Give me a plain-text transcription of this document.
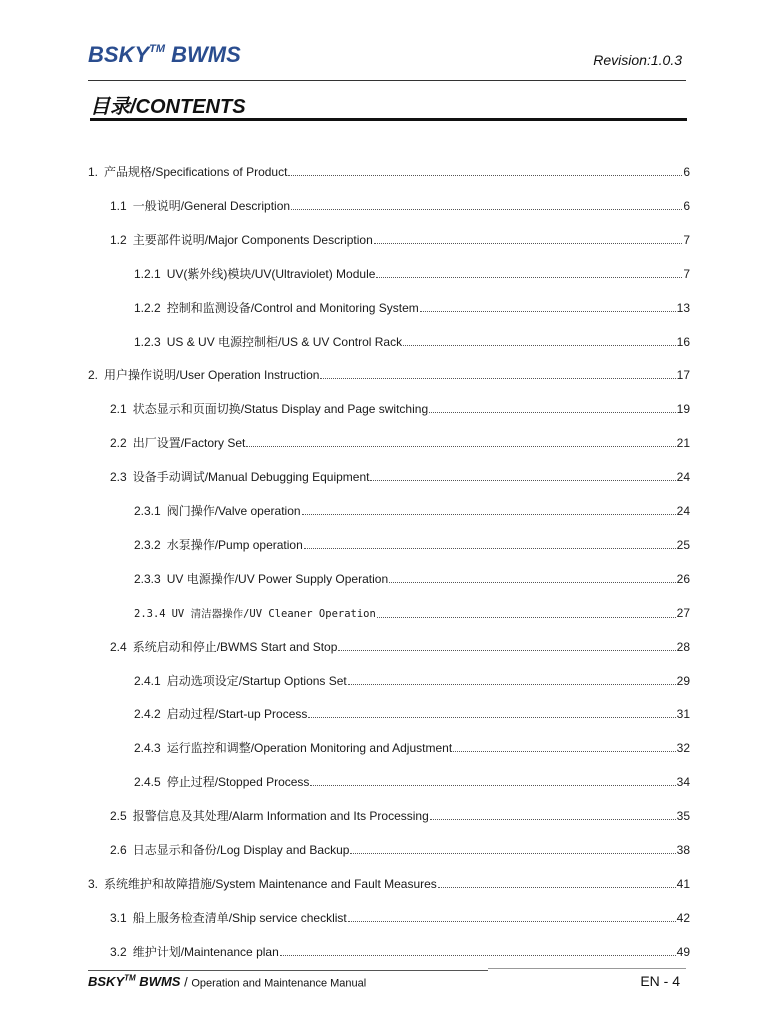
BSKY™ BWMS	Revision:1.0.3
目录/CONTENTS
1. 产品规格/Specifications of Product	6
1.1 一般说明/General Description	6
1.2 主要部件说明/Major Components Description	7
1.2.1 UV(紫外线)模块/UV(Ultraviolet) Module	7
1.2.2 控制和监测设备/Control and Monitoring System	13
1.2.3 US & UV 电源控制柜/US & UV Control Rack	16
2. 用户操作说明/User Operation Instruction	17
2.1 状态显示和页面切换/Status Display and Page switching	19
2.2 出厂设置/Factory Set	21
2.3 设备手动调试/Manual Debugging Equipment	24
2.3.1 阀门操作/Valve operation	24
2.3.2 水泵操作/Pump operation	25
2.3.3 UV 电源操作/UV Power Supply Operation	26
2.3.4 UV 清洁器操作/UV Cleaner Operation	27
2.4 系统启动和停止/BWMS Start and Stop	28
2.4.1 启动选项设定/Startup Options Set	29
2.4.2 启动过程/Start-up Process	31
2.4.3 运行监控和调整/Operation Monitoring and Adjustment	32
2.4.5 停止过程/Stopped Process	34
2.5 报警信息及其处理/Alarm Information and Its Processing	35
2.6 日志显示和备份/Log Display and Backup	38
3. 系统维护和故障措施/System Maintenance and Fault Measures	41
3.1 船上服务检查清单/Ship service checklist	42
3.2 维护计划/Maintenance plan	49
BSKY™ BWMS / Operation and Maintenance Manual	EN - 4
